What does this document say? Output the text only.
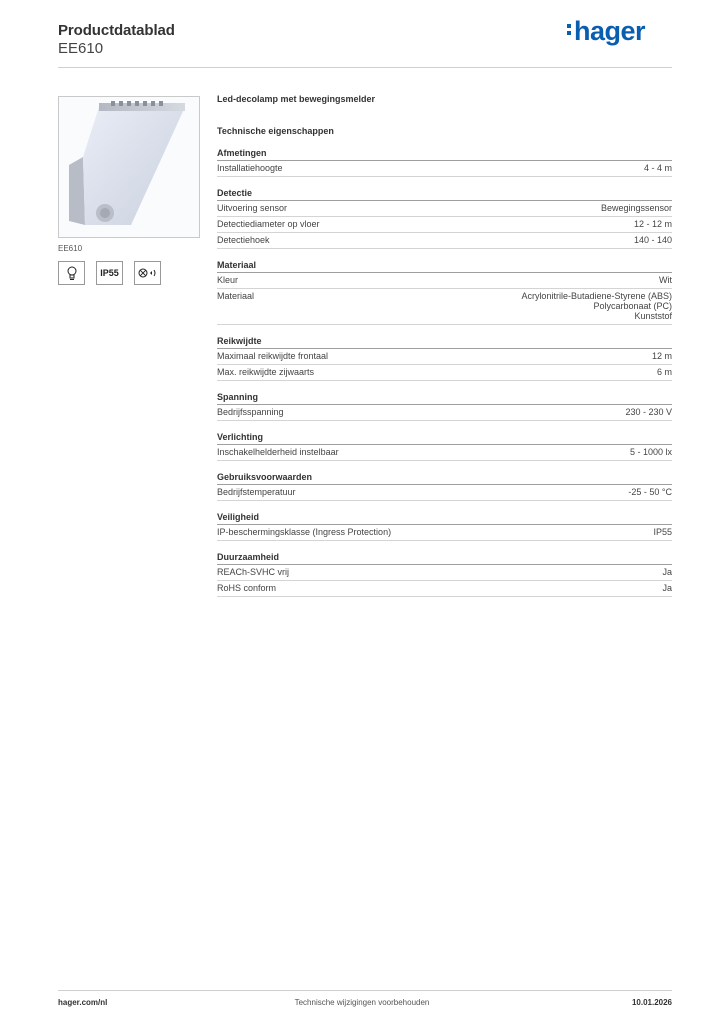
Productdatablad
EE610
hager
EE610
IP55
Led-decolamp met bewegingsmelder
Technische eigenschappen
Afmetingen
Installatiehoogte	4 - 4 m
Detectie
Uitvoering sensor	Bewegingssensor
Detectiediameter op vloer	12 - 12 m
Detectiehoek	140 - 140
Materiaal
Kleur	Wit
Materiaal	Acrylonitrile-Butadiene-Styrene (ABS)
Polycarbonaat (PC)
Kunststof
Reikwijdte
Maximaal reikwijdte frontaal	12 m
Max. reikwijdte zijwaarts	6 m
Spanning
Bedrijfsspanning	230 - 230 V
Verlichting
Inschakelhelderheid instelbaar	5 - 1000 lx
Gebruiksvoorwaarden
Bedrijfstemperatuur	-25 - 50 °C
Veiligheid
IP-beschermingsklasse (Ingress Protection)	IP55
Duurzaamheid
REACh-SVHC vrij	Ja
RoHS conform	Ja
hager.com/nl	Technische wijzigingen voorbehouden	10.01.2026
